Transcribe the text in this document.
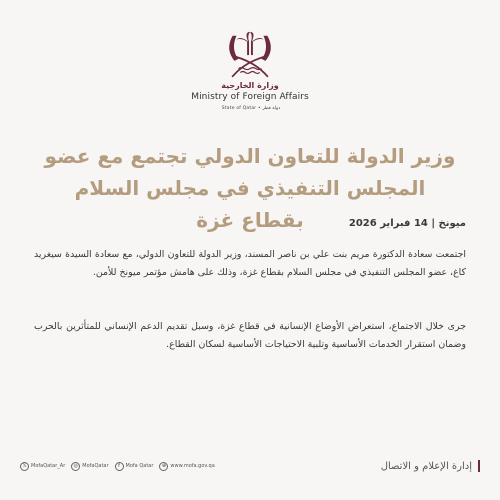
وزارة الخارجية
Ministry of Foreign Affairs
State of Qatar • دولة قطر
وزير الدولة للتعاون الدولي تجتمع مع عضو المجلس التنفيذي في مجلس السلام بقطاع غزة	ميونخ | 14 فبراير 2026
اجتمعت سعادة الدكتورة مريم بنت علي بن ناصر المسند، وزير الدولة للتعاون الدولي، مع سعادة السيدة سيغريد كاغ، عضو المجلس التنفيذي في مجلس السلام بقطاع غزة، وذلك على هامش مؤتمر ميونخ للأمن.
جرى خلال الاجتماع، استعراض الأوضاع الإنسانية في قطاع غزة، وسبل تقديم الدعم الإنساني للمتأثرين بالحرب وضمان استقرار الخدمات الأساسية وتلبية الاحتياجات الأساسية لسكان القطاع.
𝕏 MofaQatar_Ar	◎ MofaQatar	f	Mofa Qatar	⊕ www.mofa.gov.qa	إدارة الإعلام و الاتصال
